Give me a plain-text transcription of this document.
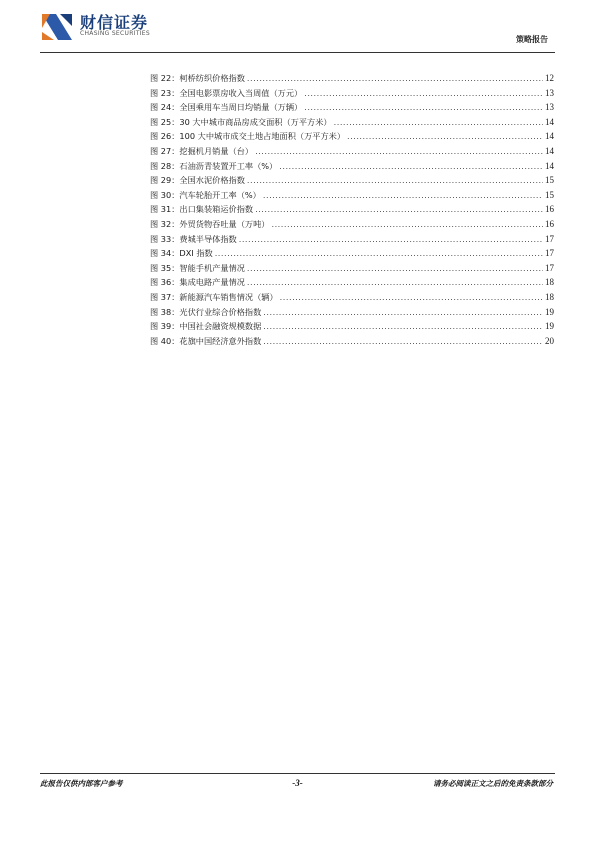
财信证券
CHASING SECURITIES
策略报告
图 22：柯桥纺织价格指数 .....	12
图 23：全国电影票房收入当周值（万元） .....	13
图 24：全国乘用车当周日均销量（万辆） .....	13
图 25：30 大中城市商品房成交面积（万平方米） .....	14
图 26：100 大中城市成交土地占地面积（万平方米） .....	14
图 27：挖掘机月销量（台） .....	14
图 28：石油沥青装置开工率（%） .....	14
图 29：全国水泥价格指数 .....	15
图 30：汽车轮胎开工率（%） .....	15
图 31：出口集装箱运价指数 .....	16
图 32：外贸货物吞吐量（万吨） .....	16
图 33：费城半导体指数 .....	17
图 34：DXI 指数 .....	17
图 35：智能手机产量情况 .....	17
图 36：集成电路产量情况 .....	18
图 37：新能源汽车销售情况（辆） .....	18
图 38：光伏行业综合价格指数 .....	19
图 39：中国社会融资规模数据 .....	19
图 40：花旗中国经济意外指数 .....	20
此报告仅供内部客户参考	-3-	请务必阅读正文之后的免责条款部分
